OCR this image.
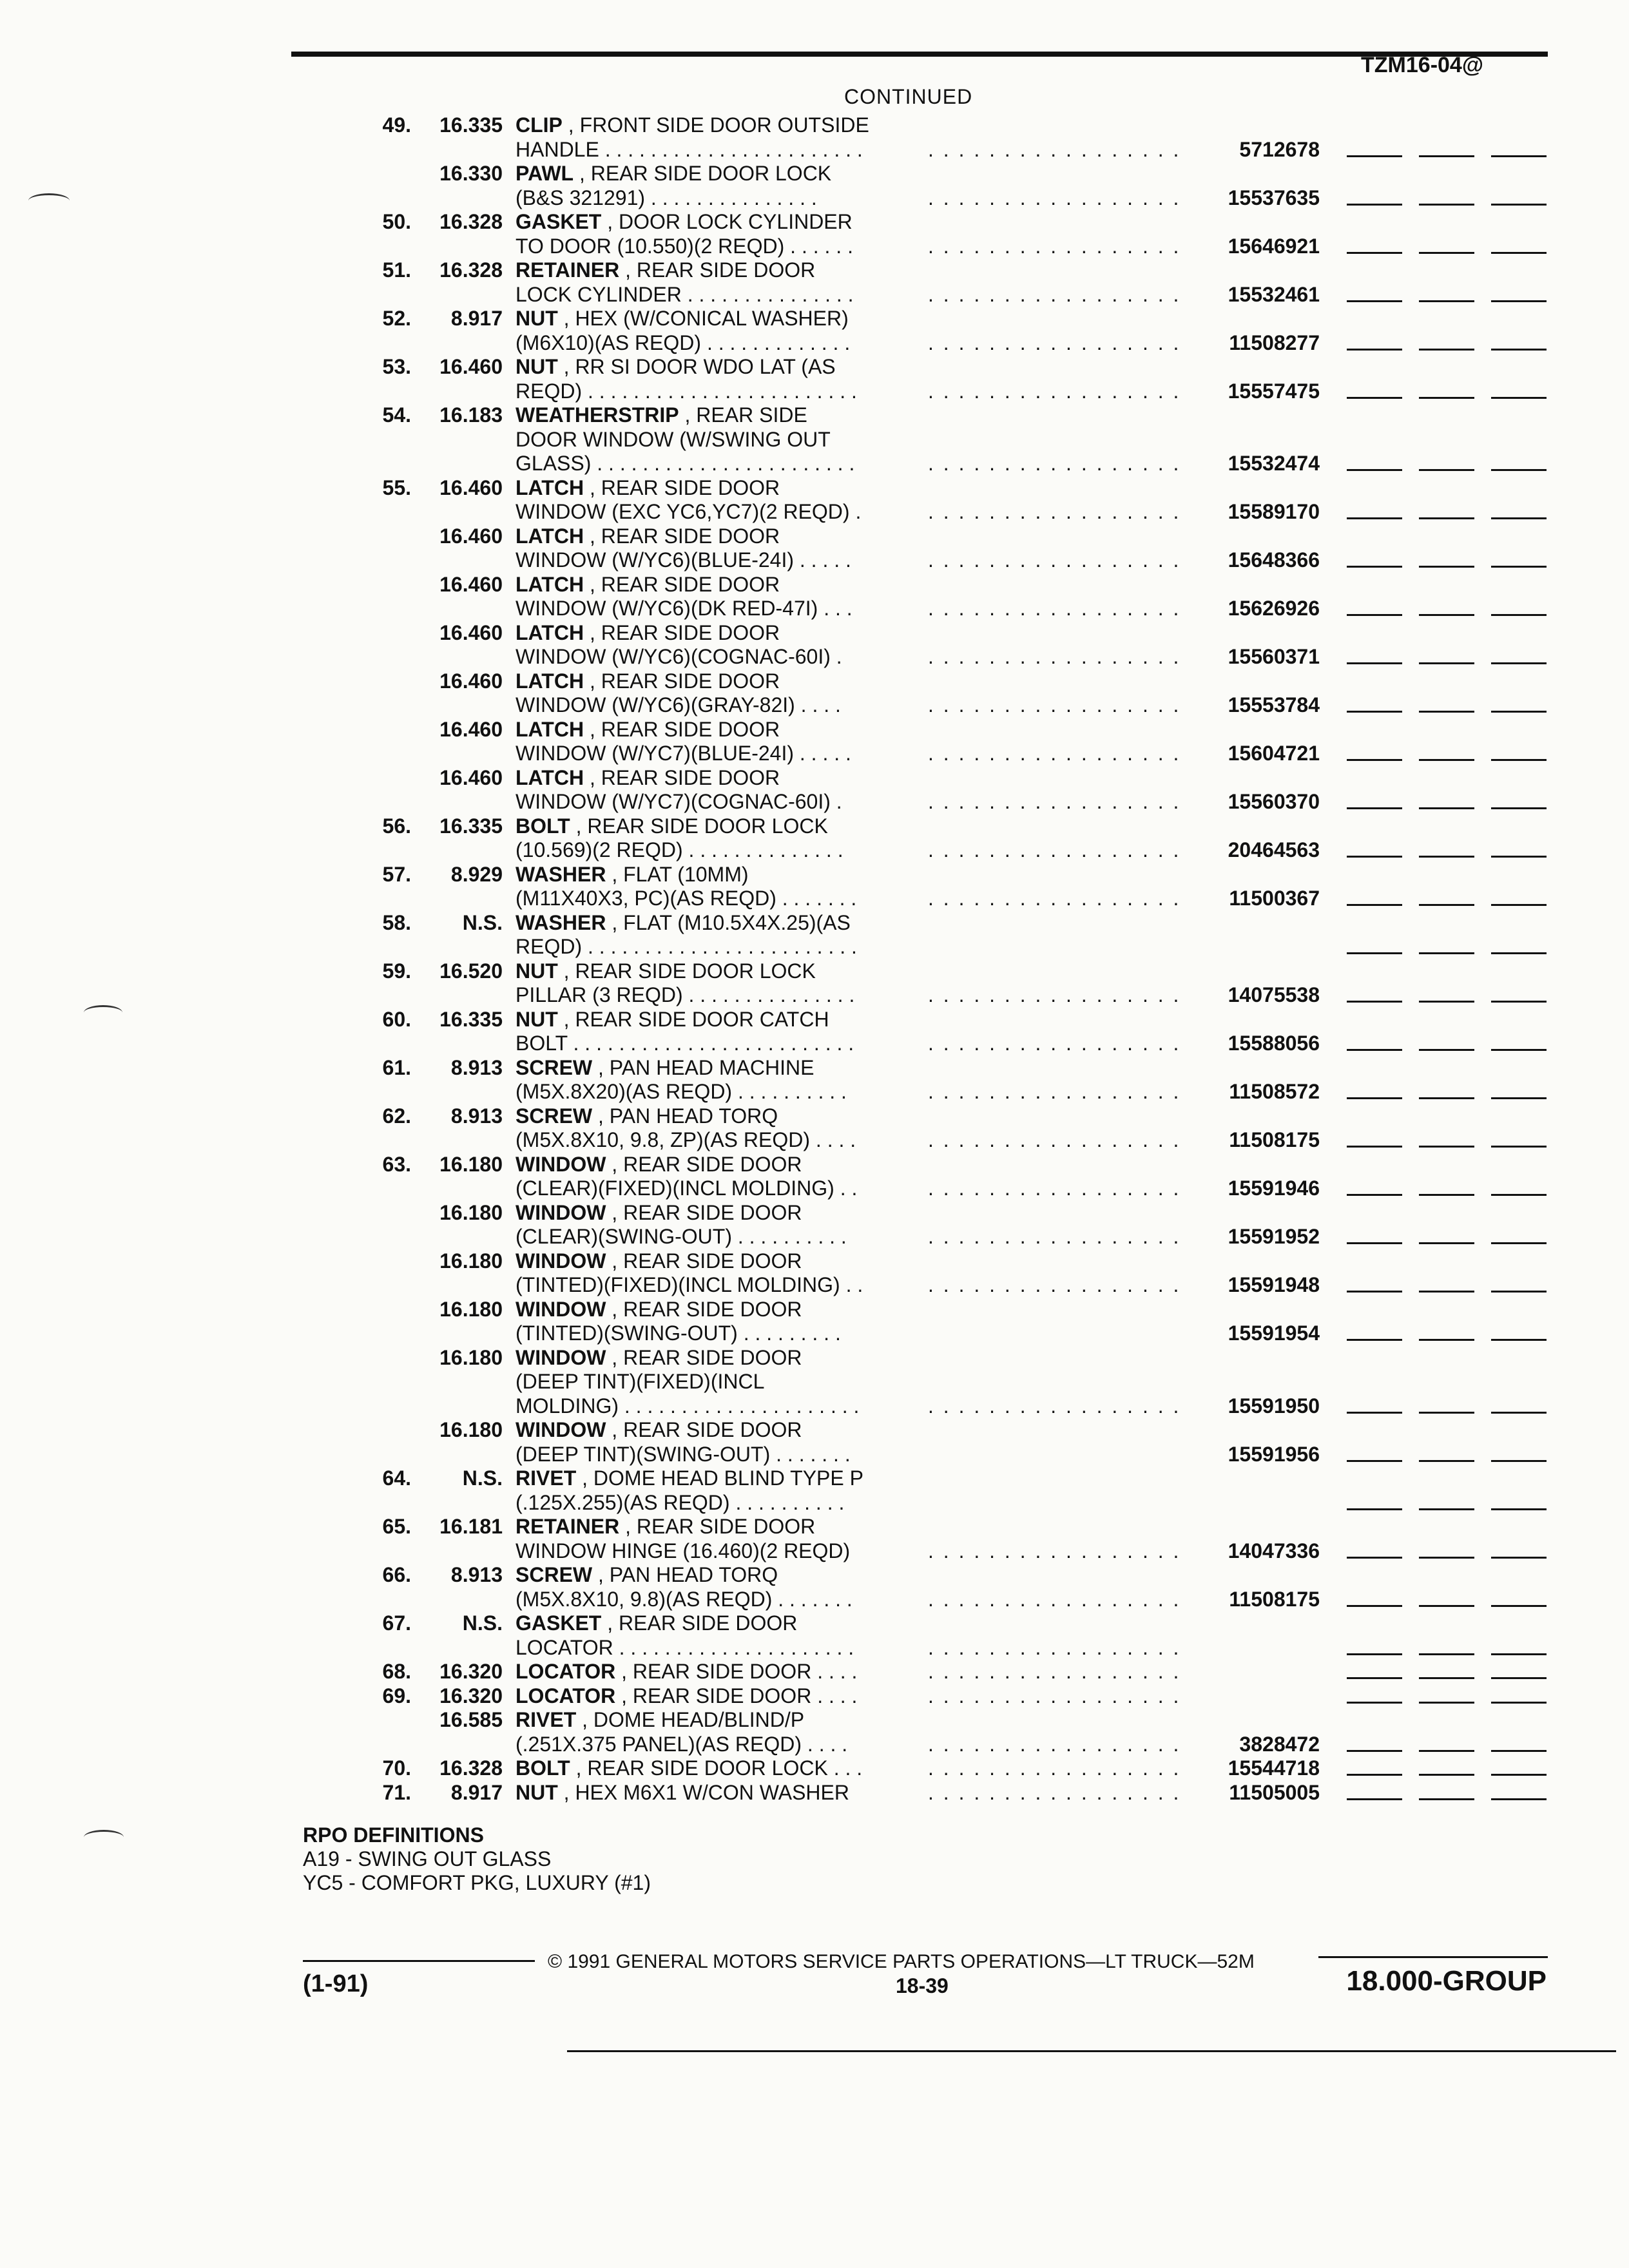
TZM16-04@
CONTINUED
49.	16.335 CLIP , FRONT SIDE DOOR OUTSIDE
HANDLE . . . . . . . . . . . . . . . . . . . . . . .	. . . . . . . . . . . . . . . . .	5712678
16.330 PAWL , REAR SIDE DOOR LOCK
(B&S 321291) . . . . . . . . . . . . . . .	. . . . . . . . . . . . . . . . .	15537635
50.	16.328 GASKET , DOOR LOCK CYLINDER
TO DOOR (10.550)(2 REQD) . . . . . .	. . . . . . . . . . . . . . . . .	15646921
51.	16.328 RETAINER , REAR SIDE DOOR
LOCK CYLINDER . . . . . . . . . . . . . . .	. . . . . . . . . . . . . . . . .	15532461
52.	8.917 NUT , HEX (W/CONICAL WASHER)
(M6X10)(AS REQD) . . . . . . . . . . . . .	. . . . . . . . . . . . . . . . .	11508277
53.	16.460 NUT , RR SI DOOR WDO LAT (AS
REQD) . . . . . . . . . . . . . . . . . . . . . . . .	. . . . . . . . . . . . . . . . .	15557475
54.	16.183 WEATHERSTRIP , REAR SIDE
DOOR WINDOW (W/SWING OUT
GLASS) . . . . . . . . . . . . . . . . . . . . . . .	. . . . . . . . . . . . . . . . .	15532474
55.	16.460 LATCH , REAR SIDE DOOR
WINDOW (EXC YC6,YC7)(2 REQD) .	. . . . . . . . . . . . . . . . .	15589170
16.460 LATCH , REAR SIDE DOOR
WINDOW (W/YC6)(BLUE-24I) . . . . .	. . . . . . . . . . . . . . . . .	15648366
16.460 LATCH , REAR SIDE DOOR
WINDOW (W/YC6)(DK RED-47I) . . .	. . . . . . . . . . . . . . . . .	15626926
16.460 LATCH , REAR SIDE DOOR
WINDOW (W/YC6)(COGNAC-60I) .	. . . . . . . . . . . . . . . . .	15560371
16.460 LATCH , REAR SIDE DOOR
WINDOW (W/YC6)(GRAY-82I) . . . .	. . . . . . . . . . . . . . . . .	15553784
16.460 LATCH , REAR SIDE DOOR
WINDOW (W/YC7)(BLUE-24I) . . . . .	. . . . . . . . . . . . . . . . .	15604721
16.460 LATCH , REAR SIDE DOOR
WINDOW (W/YC7)(COGNAC-60I) .	. . . . . . . . . . . . . . . . .	15560370
56.	16.335 BOLT , REAR SIDE DOOR LOCK
(10.569)(2 REQD) . . . . . . . . . . . . . .	. . . . . . . . . . . . . . . . .	20464563
57.	8.929 WASHER , FLAT (10MM)
(M11X40X3, PC)(AS REQD) . . . . . . .	. . . . . . . . . . . . . . . . .	11500367
58.	N.S. WASHER , FLAT (M10.5X4X.25)(AS
REQD) . . . . . . . . . . . . . . . . . . . . . . . .
59.	16.520 NUT , REAR SIDE DOOR LOCK
PILLAR (3 REQD) . . . . . . . . . . . . . . .	. . . . . . . . . . . . . . . . .	14075538
60.	16.335 NUT , REAR SIDE DOOR CATCH
BOLT . . . . . . . . . . . . . . . . . . . . . . . . .	. . . . . . . . . . . . . . . . .	15588056
61.	8.913 SCREW , PAN HEAD MACHINE
(M5X.8X20)(AS REQD) . . . . . . . . . .	. . . . . . . . . . . . . . . . .	11508572
62.	8.913 SCREW , PAN HEAD TORQ
(M5X.8X10, 9.8, ZP)(AS REQD) . . . .	. . . . . . . . . . . . . . . . .	11508175
63.	16.180 WINDOW , REAR SIDE DOOR
(CLEAR)(FIXED)(INCL MOLDING) . .	. . . . . . . . . . . . . . . . .	15591946
16.180 WINDOW , REAR SIDE DOOR
(CLEAR)(SWING-OUT) . . . . . . . . . .	. . . . . . . . . . . . . . . . .	15591952
16.180 WINDOW , REAR SIDE DOOR
(TINTED)(FIXED)(INCL MOLDING) . .	. . . . . . . . . . . . . . . . .	15591948
16.180 WINDOW , REAR SIDE DOOR
(TINTED)(SWING-OUT) . . . . . . . . .	15591954
16.180 WINDOW , REAR SIDE DOOR
(DEEP TINT)(FIXED)(INCL
MOLDING) . . . . . . . . . . . . . . . . . . . . .	. . . . . . . . . . . . . . . . .	15591950
16.180 WINDOW , REAR SIDE DOOR
(DEEP TINT)(SWING-OUT) . . . . . . .	15591956
64.	N.S. RIVET , DOME HEAD BLIND TYPE P
(.125X.255)(AS REQD) . . . . . . . . . .
65.	16.181 RETAINER , REAR SIDE DOOR
WINDOW HINGE (16.460)(2 REQD)	. . . . . . . . . . . . . . . . .	14047336
66.	8.913 SCREW , PAN HEAD TORQ
(M5X.8X10, 9.8)(AS REQD) . . . . . . .	. . . . . . . . . . . . . . . . .	11508175
67.	N.S. GASKET , REAR SIDE DOOR
LOCATOR . . . . . . . . . . . . . . . . . . . . .	. . . . . . . . . . . . . . . . .
68.	16.320 LOCATOR , REAR SIDE DOOR . . . .	. . . . . . . . . . . . . . . . .
69.	16.320 LOCATOR , REAR SIDE DOOR . . . .	. . . . . . . . . . . . . . . . .
16.585 RIVET , DOME HEAD/BLIND/P
(.251X.375 PANEL)(AS REQD) . . . .	. . . . . . . . . . . . . . . . .	3828472
70.	16.328 BOLT , REAR SIDE DOOR LOCK . . .	. . . . . . . . . . . . . . . . .	15544718
71.	8.917 NUT , HEX M6X1 W/CON WASHER	. . . . . . . . . . . . . . . . .	11505005
RPO DEFINITIONS
A19 - SWING OUT GLASS
YC5 - COMFORT PKG, LUXURY (#1)
© 1991 GENERAL MOTORS SERVICE PARTS OPERATIONS—LT TRUCK—52M
(1-91)	18-39	18.000-GROUP
